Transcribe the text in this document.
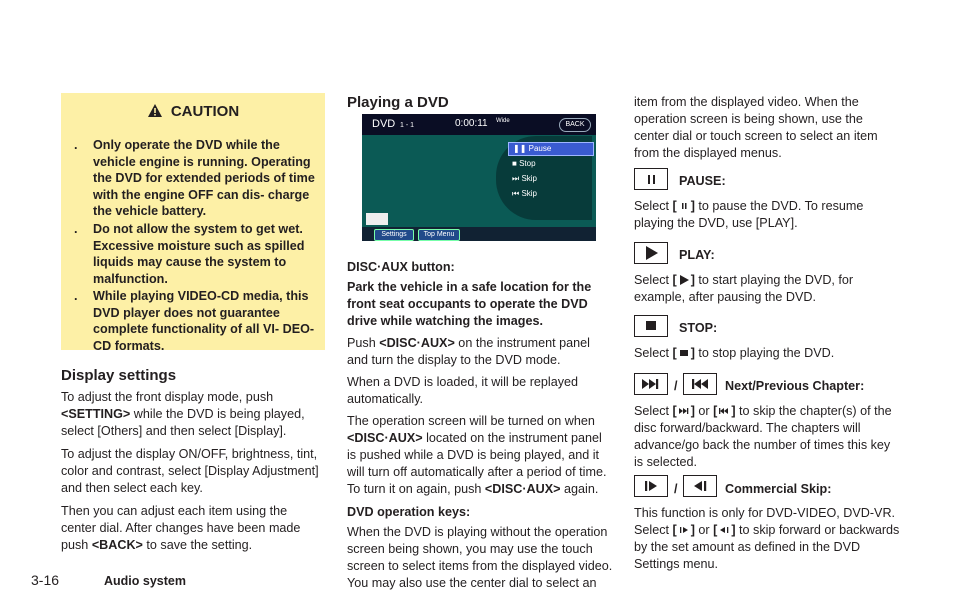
CAUTION
. Only operate the DVD while the vehicle engine is running. Operating the DVD for extended periods of time with the engine OFF can dis- charge the vehicle battery.
. Do not allow the system to get wet. Excessive moisture such as spilled liquids may cause the system to malfunction.
. While playing VIDEO-CD media, this DVD player does not guarantee complete functionality of all VI- DEO-CD formats.
Display settings

To adjust the front display mode, push <SETTING> while the DVD is being played, select [Others] and then select [Display].

To adjust the display ON/OFF, brightness, tint, color and contrast, select [Display Adjustment] and then select each key.

Then you can adjust each item using the center dial. After changes have been made push <BACK> to save the setting.

Playing a DVD
DVD 1 - 1	0:00:11 Wide	BACK
❚❚ Pause
■ Stop
⏭ Skip
⏮ Skip
Settings	Top Menu

DISC·AUX button:

Park the vehicle in a safe location for the front seat occupants to operate the DVD drive while watching the images.

Push <DISC·AUX> on the instrument panel and turn the display to the DVD mode.

When a DVD is loaded, it will be replayed automatically.

The operation screen will be turned on when <DISC·AUX> located on the instrument panel is pushed while a DVD is being played, and it will turn off automatically after a period of time. To turn it on again, push <DISC·AUX> again.

DVD operation keys:

When the DVD is playing without the operation screen being shown, you may use the touch screen to select items from the displayed video. You may also use the center dial to select an

item from the displayed video. When the operation screen is being shown, use the center dial or touch screen to select an item from the displayed menus.

PAUSE:

Select [ ] to pause the DVD. To resume playing the DVD, use [PLAY].

PLAY:

Select [ ] to start playing the DVD, for example, after pausing the DVD.

STOP:

Select [ ] to stop playing the DVD.

/	Next/Previous Chapter:

Select [ ] or [ ] to skip the chapter(s) of the disc forward/backward. The chapters will advance/go back the number of times this key is selected.

/	Commercial Skip:

This function is only for DVD-VIDEO, DVD-VR. Select [ ] or [ ] to skip forward or backwards by the set amount as defined in the DVD Settings menu.

3-16	Audio system
